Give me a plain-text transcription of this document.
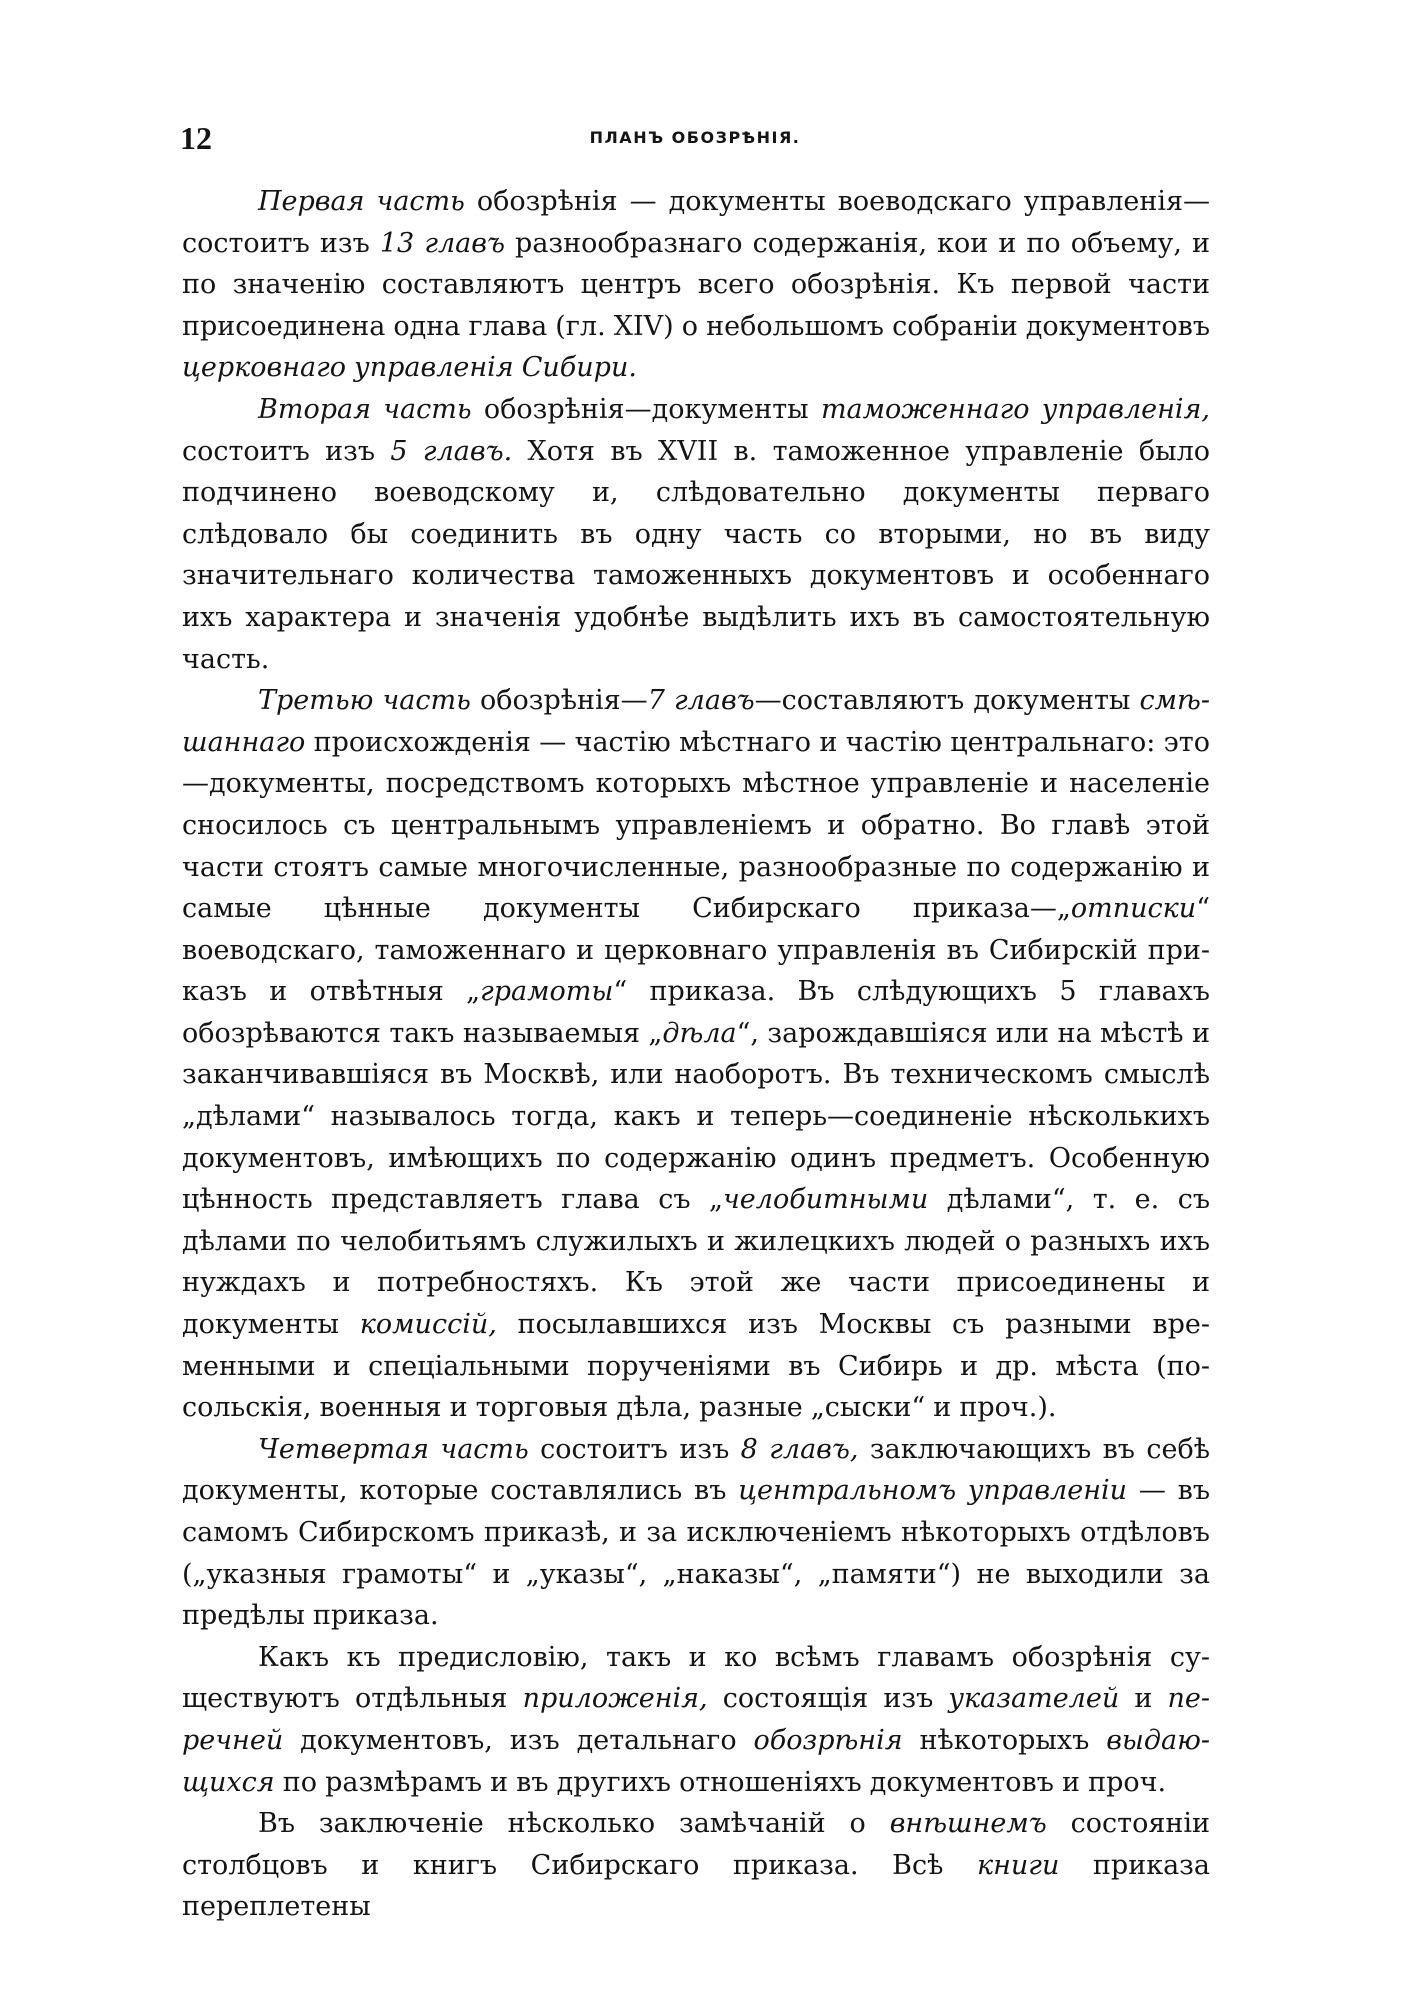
12	ПЛАНЪ ОБОЗРѢНІЯ.

Первая часть обозрѣнія — документы воеводскаго управленія—состоитъ изъ 13 главъ разнообразнаго содержанія, кои и по объему, и по значенію составляютъ центръ всего обозрѣнія. Къ первой части присоединена одна глава (гл. XIV) о небольшомъ собраніи документовъ церковнаго управленія Сибири.

Вторая часть обозрѣнія—документы таможеннаго управленія, состоитъ изъ 5 главъ. Хотя въ XVII в. таможенное управленіе было подчинено воеводскому и, слѣдовательно документы перваго слѣдовало бы соединить въ одну часть со вторыми, но въ виду значительнаго количества таможенныхъ документовъ и особеннаго ихъ характера и значенія удобнѣе выдѣлить ихъ въ самостоятельную часть.

Третью часть обозрѣнія—7 главъ—составляютъ документы смѣшаннаго происхожденія — частію мѣстнаго и частію центральнаго: это—документы, посредствомъ которыхъ мѣстное управленіе и населеніе сносилось съ центральнымъ управленіемъ и обратно. Во главѣ этой части стоятъ самые многочисленные, разнообразные по содержанію и самые цѣнные документы Сибирскаго приказа—„отписки“ воеводскаго, таможеннаго и церковнаго управленія въ Сибирскій приказъ и отвѣтныя „грамоты“ приказа. Въ слѣдующихъ 5 главахъ обозрѣваются такъ называемыя „дѣла“, зарождавшіяся или на мѣстѣ и заканчивавшіяся въ Москвѣ, или наоборотъ. Въ техническомъ смыслѣ „дѣлами“ называлось тогда, какъ и теперь—соединеніе нѣсколькихъ документовъ, имѣющихъ по содержанію одинъ предметъ. Особенную цѣнность представляетъ глава съ „челобитными дѣлами“, т. е. съ дѣлами по челобитьямъ служилыхъ и жилецкихъ людей о разныхъ ихъ нуждахъ и потребностяхъ. Къ этой же части присоединены и документы комиссій, посылавшихся изъ Москвы съ разными временными и спеціальными порученіями въ Сибирь и др. мѣста (посольскія, военныя и торговыя дѣла, разные „сыски“ и проч.).

Четвертая часть состоитъ изъ 8 главъ, заключающихъ въ себѣ документы, которые составлялись въ центральномъ управленіи — въ самомъ Сибирскомъ приказѣ, и за исключеніемъ нѣкоторыхъ отдѣловъ („указныя грамоты“ и „указы“, „наказы“, „памяти“) не выходили за предѣлы приказа.

Какъ къ предисловію, такъ и ко всѣмъ главамъ обозрѣнія существуютъ отдѣльныя приложенія, состоящія изъ указателей и перечней документовъ, изъ детальнаго обозрѣнія нѣкоторыхъ выдающихся по размѣрамъ и въ другихъ отношеніяхъ документовъ и проч.

Въ заключеніе нѣсколько замѣчаній о внѣшнемъ состояніи столбцовъ и книгъ Сибирскаго приказа. Всѣ книги приказа переплетены
